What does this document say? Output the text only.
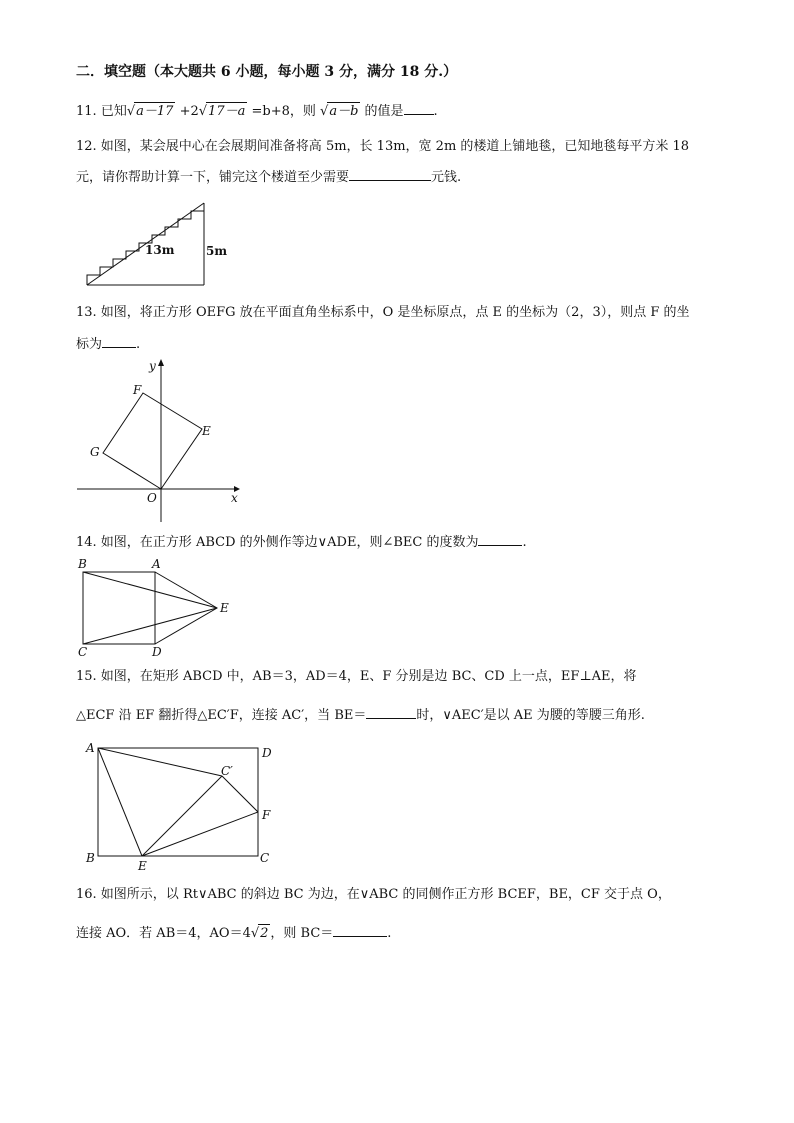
二．填空题（本大题共 6 小题，每小题 3 分，满分 18 分.）
11. 已知√a－17 +2√17－a =b+8，则 √a－b 的值是 .
12. 如图，某会展中心在会展期间准备将高 5m，长 13m，宽 2m 的楼道上铺地毯，已知地毯每平方米 18
元，请你帮助计算一下，铺完这个楼道至少需要	元钱.
13m	5m
13. 如图，将正方形 OEFG 放在平面直角坐标系中，O 是坐标原点，点 E 的坐标为（2，3），则点 F 的坐
标为	.
y
x
O
E
F
G
14. 如图，在正方形 ABCD 的外侧作等边∨ADE，则∠BEC 的度数为	.
B	A
C	D
E
15. 如图，在矩形 ABCD 中，AB＝3，AD＝4，E、F 分别是边 BC、CD 上一点，EF⊥AE，将
△ECF 沿 EF 翻折得△EC′F，连接 AC′，当 BE＝	时，∨AEC′是以 AE 为腰的等腰三角形.
A	D
B	C
E
F
C′
16. 如图所示，以 Rt∨ABC 的斜边 BC 为边，在∨ABC 的同侧作正方形 BCEF，BE，CF 交于点 O，
连接 AO．若 AB＝4，AO＝4√2 ，则 BC＝	.
